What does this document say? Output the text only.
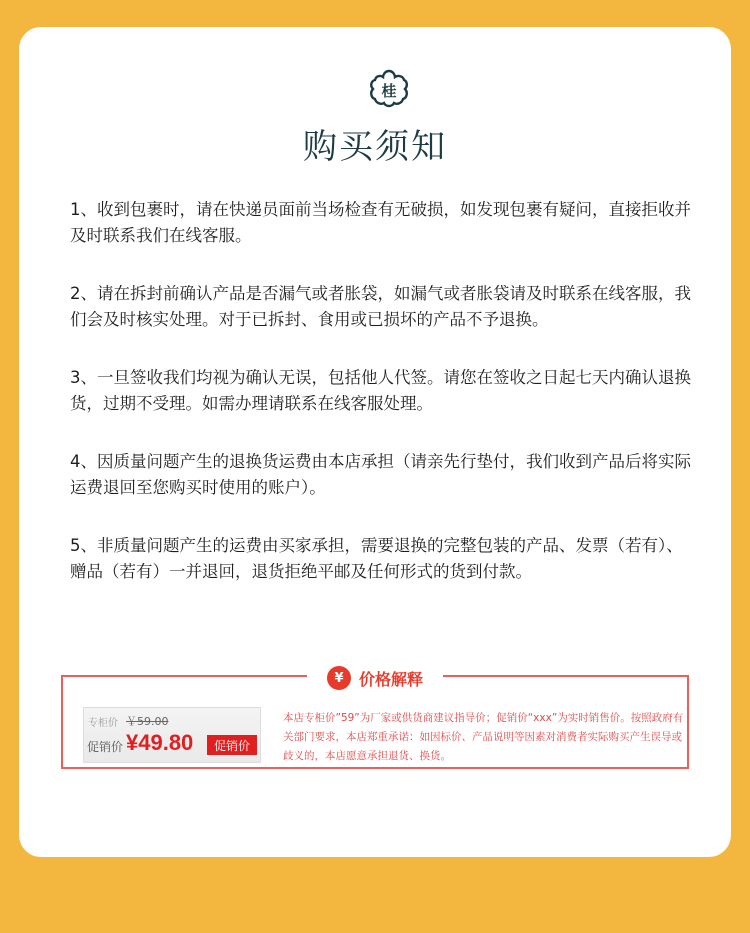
桂
购买须知

1、收到包裹时，请在快递员面前当场检查有无破损，如发现包裹有疑问，直接拒收并及时联系我们在线客服。

2、请在拆封前确认产品是否漏气或者胀袋，如漏气或者胀袋请及时联系在线客服，我们会及时核实处理。对于已拆封、食用或已损坏的产品不予退换。

3、一旦签收我们均视为确认无误，包括他人代签。请您在签收之日起七天内确认退换货，过期不受理。如需办理请联系在线客服处理。

4、因质量问题产生的退换货运费由本店承担（请亲先行垫付，我们收到产品后将实际运费退回至您购买时使用的账户）。

5、非质量问题产生的运费由买家承担，需要退换的完整包装的产品、发票（若有）、赠品（若有）一并退回，退货拒绝平邮及任何形式的货到付款。

专柜价 ￥59.00
促销价 ¥49.80	促销价

本店专柜价”59”为厂家或供货商建议指导价；促销价“xxx”为实时销售价。按照政府有关部门要求，本店郑重承诺：如因标价、产品说明等因素对消费者实际购买产生误导或歧义的，本店愿意承担退货、换货。

¥ 价格解释
